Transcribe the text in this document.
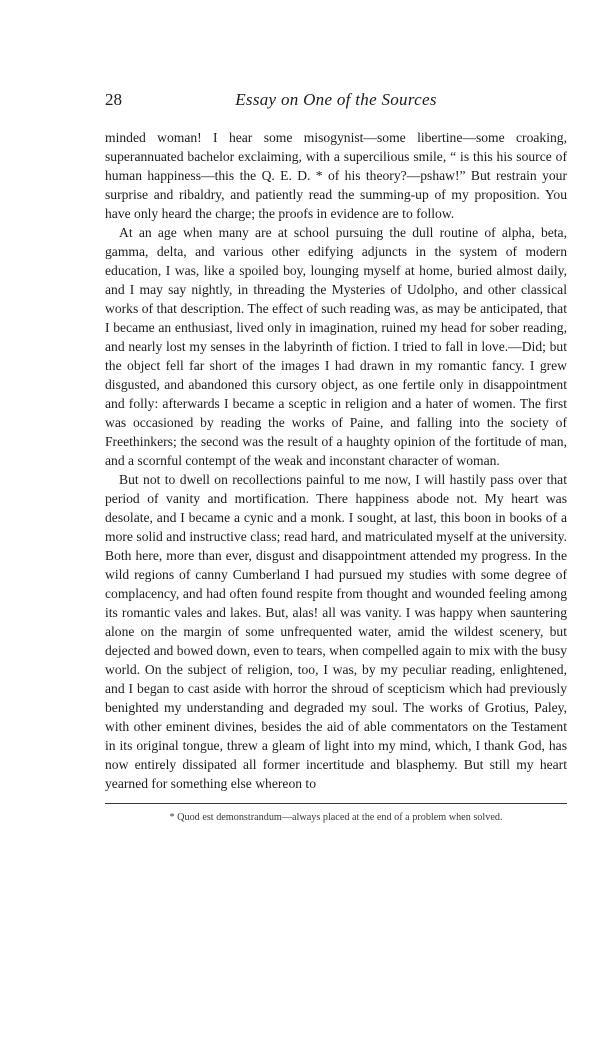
28	Essay on One of the Sources

minded woman! I hear some misogynist—some libertine—some croaking, superannuated bachelor exclaiming, with a supercilious smile, “ is this his source of human happiness—this the Q. E. D. * of his theory?—pshaw!” But restrain your surprise and ribaldry, and patiently read the summing-up of my proposition. You have only heard the charge; the proofs in evidence are to follow.

At an age when many are at school pursuing the dull routine of alpha, beta, gamma, delta, and various other edifying adjuncts in the system of modern education, I was, like a spoiled boy, lounging myself at home, buried almost daily, and I may say nightly, in threading the Mysteries of Udolpho, and other classical works of that description. The effect of such reading was, as may be anticipated, that I became an enthusiast, lived only in imagination, ruined my head for sober reading, and nearly lost my senses in the labyrinth of fiction. I tried to fall in love.—Did; but the object fell far short of the images I had drawn in my romantic fancy. I grew disgusted, and abandoned this cursory object, as one fertile only in disappointment and folly: afterwards I became a sceptic in religion and a hater of women. The first was occasioned by reading the works of Paine, and falling into the society of Freethinkers; the second was the result of a haughty opinion of the fortitude of man, and a scornful contempt of the weak and inconstant character of woman.

But not to dwell on recollections painful to me now, I will hastily pass over that period of vanity and mortification. There happiness abode not. My heart was desolate, and I became a cynic and a monk. I sought, at last, this boon in books of a more solid and instructive class; read hard, and matriculated myself at the university. Both here, more than ever, disgust and disappointment attended my progress. In the wild regions of canny Cumberland I had pursued my studies with some degree of complacency, and had often found respite from thought and wounded feeling among its romantic vales and lakes. But, alas! all was vanity. I was happy when sauntering alone on the margin of some unfrequented water, amid the wildest scenery, but dejected and bowed down, even to tears, when compelled again to mix with the busy world. On the subject of religion, too, I was, by my peculiar reading, enlightened, and I began to cast aside with horror the shroud of scepticism which had previously benighted my understanding and degraded my soul. The works of Grotius, Paley, with other eminent divines, besides the aid of able commentators on the Testament in its original tongue, threw a gleam of light into my mind, which, I thank God, has now entirely dissipated all former incertitude and blasphemy. But still my heart yearned for something else whereon to

* Quod est demonstrandum—always placed at the end of a problem when solved.
